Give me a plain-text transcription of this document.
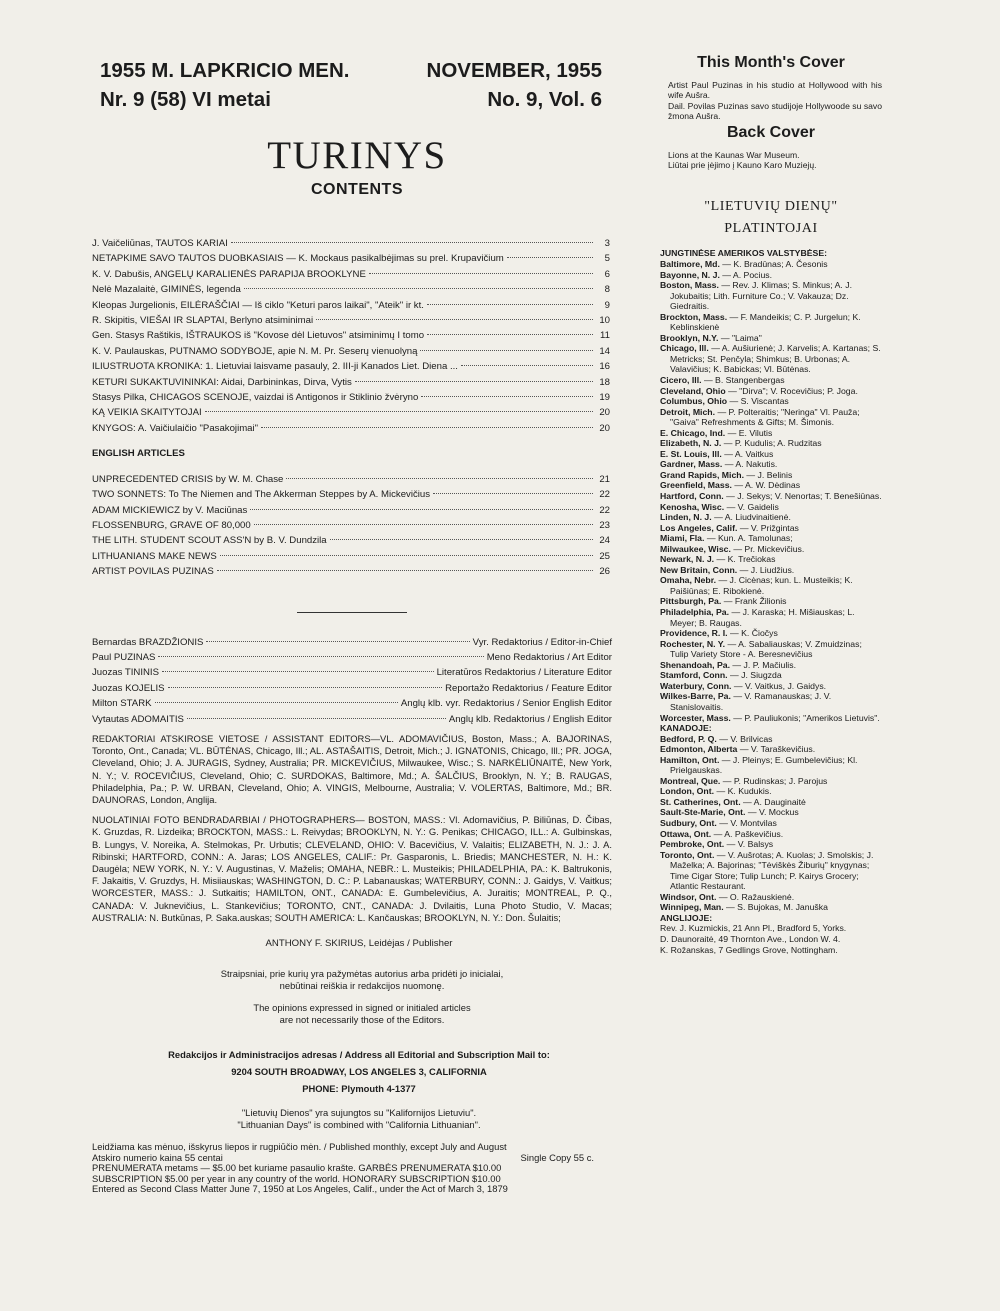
1955 M. LAPKRICIO MEN.
Nr. 9 (58) VI metai
NOVEMBER, 1955
No. 9, Vol. 6
TURINYS
CONTENTS
J. Vaičeliūnas, TAUTOS KARIAI	3
NETAPKIME SAVO TAUTOS DUOBKASIAIS — K. Mockaus pasikalbėjimas su prel. Krupavičium	5
K. V. Dabušis, ANGELŲ KARALIENĖS PARAPIJA BROOKLYNE	6
Nelė Mazalaitė, GIMINĖS, legenda	8
Kleopas Jurgelionis, EILĖRAŠČIAI — Iš ciklo "Keturi paros laikai", "Ateik" ir kt.	9
R. Skipitis, VIEŠAI IR SLAPTAI, Berlyno atsiminimai	10
Gen. Stasys Raštikis, IŠTRAUKOS iš "Kovose dėl Lietuvos" atsiminimų I tomo	11
K. V. Paulauskas, PUTNAMO SODYBOJE, apie N. M. Pr. Seserų vienuolyną	14
ILIUSTRUOTA KRONIKA: 1. Lietuviai laisvame pasauly, 2. III-ji Kanados Liet. Diena ...	16
KETURI SUKAKTUVININKAI: Aidai, Darbininkas, Dirva, Vytis	18
Stasys Pilka, CHICAGOS SCENOJE, vaizdai iš Antigonos ir Stiklinio žvėryno	19
KĄ VEIKIA SKAITYTOJAI	20
KNYGOS: A. Vaičiulaičio "Pasakojimai"	20
ENGLISH ARTICLES
UNPRECEDENTED CRISIS by W. M. Chase	21
TWO SONNETS: To The Niemen and The Akkerman Steppes by A. Mickevičius	22
ADAM MICKIEWICZ by V. Maciūnas	22
FLOSSENBURG, GRAVE OF 80,000	23
THE LITH. STUDENT SCOUT ASS'N by B. V. Dundzila	24
LITHUANIANS MAKE NEWS	25
ARTIST POVILAS PUZINAS	26
Bernardas BRAZDŽIONIS	Vyr. Redaktorius / Editor-in-Chief
Paul PUZINAS	Meno Redaktorius / Art Editor
Juozas TININIS	Literatūros Redaktorius / Literature Editor
Juozas KOJELIS	Reportažo Redaktorius / Feature Editor
Milton STARK	Anglų klb. vyr. Redaktorius / Senior English Editor
Vytautas ADOMAITIS	Anglų klb. Redaktorius / English Editor
REDAKTORIAI ATSKIROSE VIETOSE / ASSISTANT EDITORS—VL. ADOMAVIČIUS, Boston, Mass.; A. BAJORINAS, Toronto, Ont., Canada; VL. BŪTĖNAS, Chicago, Ill.; AL. ASTAŠAITIS, Detroit, Mich.; J. IGNATONIS, Chicago, Ill.; PR. JOGA, Cleveland, Ohio; J. A. JURAGIS, Sydney, Australia; PR. MICKEVIČIUS, Milwaukee, Wisc.; S. NARKĖLIŪNAITĖ, New York, N. Y.; V. ROCEVIČIUS, Cleveland, Ohio; C. SURDOKAS, Baltimore, Md.; A. ŠALČIUS, Brooklyn, N. Y.; B. RAUGAS, Philadelphia, Pa.; P. W. URBAN, Cleveland, Ohio; A. VINGIS, Melbourne, Australia; V. VOLERTAS, Baltimore, Md.; BR. DAUNORAS, London, Anglija.
NUOLATINIAI FOTO BENDRADARBIAI / PHOTOGRAPHERS— BOSTON, MASS.: Vl. Adomavičius, P. Biliūnas, D. Čibas, K. Gruzdas, R. Lizdeika; BROCKTON, MASS.: L. Reivydas; BROOKLYN, N. Y.: G. Penikas; CHICAGO, ILL.: A. Gulbinskas, B. Lungys, V. Noreika, A. Stelmokas, Pr. Urbutis; CLEVELAND, OHIO: V. Bacevičius, V. Valaitis; ELIZABETH, N. J.: J. A. Ribinski; HARTFORD, CONN.: A. Jaras; LOS ANGELES, CALIF.: Pr. Gasparonis, L. Briedis; MANCHESTER, N. H.: K. Daugėla; NEW YORK, N. Y.: V. Augustinas, V. Maželis; OMAHA, NEBR.: L. Musteikis; PHILADELPHIA, PA.: K. Baltrukonis, F. Jakaitis, V. Gruzdys, H. Misiiauskas; WASHINGTON, D. C.: P. Labanauskas; WATERBURY, CONN.: J. Gaidys, V. Vaitkus; WORCESTER, MASS.: J. Sutkaitis; HAMILTON, ONT., CANADA: E. Gumbelevičius, A. Juraitis; MONTREAL, P. Q., CANADA: V. Juknevičius, L. Stankevičius; TORONTO, CNT., CANADA: J. Dvilaitis, Luna Photo Studio, V. Macas; AUSTRALIA: N. Butkūnas, P. Saka.auskas; SOUTH AMERICA: L. Kančauskas; BROOKLYN, N. Y.: Don. Šulaitis;
ANTHONY F. SKIRIUS, Leidėjas / Publisher
Straipsniai, prie kurių yra pažymėtas autorius arba pridėti jo inicialai,
nebūtinai reiškia ir redakcijos nuomonę.
The opinions expressed in signed or initialed articles
are not necessarily those of the Editors.
Redakcijos ir Administracijos adresas / Address all Editorial and Subscription Mail to:
9204 SOUTH BROADWAY, LOS ANGELES 3, CALIFORNIA
PHONE: Plymouth 4-1377
"Lietuvių Dienos" yra sujungtos su "Kalifornijos Lietuviu".
"Lithuanian Days" is combined with "California Lithuanian".
Leidžiama kas mėnuo, išskyrus liepos ir rugpiūčio mėn. / Published monthly, except July and August
Atskiro numerio kaina 55 centai	Single Copy 55 c.
PRENUMERATA metams — $5.00 bet kuriame pasaulio krašte. GARBĖS PRENUMERATA $10.00
SUBSCRIPTION $5.00 per year in any country of the world. HONORARY SUBSCRIPTION $10.00
Entered as Second Class Matter June 7, 1950 at Los Angeles, Calif., under the Act of March 3, 1879
This Month's Cover
Artist Paul Puzinas in his studio at Hollywood with his wife Aušra.
Dail. Povilas Puzinas savo studijoje Hollywoode su savo žmona Aušra.
Back Cover
Lions at the Kaunas War Museum.
Liūtai prie įėjimo į Kauno Karo Muziejų.
"LIETUVIŲ DIENŲ"
PLATINTOJAI
JUNGTINĖSE AMERIKOS VALSTYBĖSE:
Baltimore, Md. — K. Bradūnas; A. Česonis
Bayonne, N. J. — A. Pocius.
Boston, Mass. — Rev. J. Klimas; S. Minkus; A. J. Jokubaitis; Lith. Furniture Co.; V. Vakauza; Dz. Giedraitis.
Brockton, Mass. — F. Mandeikis; C. P. Jurgelun; K. Keblinskienė
Brooklyn, N.Y. — "Laima"
Chicago, Ill. — A. Aušiurienė; J. Karvelis; A. Kartanas; S. Metricks; St. Penčyla; Shimkus; B. Urbonas; A. Valavičius; K. Babickas; Vl. Būtėnas.
Cicero, Ill. — B. Stangenbergas
Cleveland, Ohio — "Dirva"; V. Rocevičius; P. Joga.
Columbus, Ohio — S. Viscantas
Detroit, Mich. — P. Polteraitis; "Neringa" Vl. Pauža; "Gaiva" Refreshments & Gifts; M. Šimonis.
E. Chicago, Ind. — E. Vilutis
Elizabeth, N. J. — P. Kudulis; A. Rudzitas
E. St. Louis, Ill. — A. Vaitkus
Gardner, Mass. — A. Nakutis.
Grand Rapids, Mich. — J. Belinis
Greenfield, Mass. — A. W. Dėdinas
Hartford, Conn. — J. Sekys; V. Nenortas; T. Benešiūnas.
Kenosha, Wisc. — V. Gaidelis
Linden, N. J. — A. Liudvinaitienė.
Los Angeles, Calif. — V. Prižgintas
Miami, Fla. — Kun. A. Tamolunas;
Milwaukee, Wisc. — Pr. Mickevičius.
Newark, N. J. — K. Trečiokas
New Britain, Conn. — J. Liudžius.
Omaha, Nebr. — J. Cicėnas; kun. L. Musteikis; K. Paišiūnas; E. Ribokienė.
Pittsburgh, Pa. — Frank Žilionis
Philadelphia, Pa. — J. Karaska; H. Mišiauskas; L. Meyer; B. Raugas.
Providence, R. I. — K. Čiočys
Rochester, N. Y. — A. Sabaliauskas; V. Zmuidzinas; Tulip Variety Store - A. Beresnevičius
Shenandoah, Pa. — J. P. Mačiulis.
Stamford, Conn. — J. Siugzda
Waterbury, Conn. — V. Vaitkus, J. Gaidys.
Wilkes-Barre, Pa. — V. Ramanauskas; J. V. Stanislovaitis.
Worcester, Mass. — P. Pauliukonis; "Amerikos Lietuvis".
KANADOJE:
Bedford, P. Q. — V. Brilvicas
Edmonton, Alberta — V. Taraškevičius.
Hamilton, Ont. — J. Pleinys; E. Gumbelevičius; Kl. Prielgauskas.
Montreal, Que. — P. Rudinskas; J. Parojus
London, Ont. — K. Kudukis.
St. Catherines, Ont. — A. Dauginaitė
Sault-Ste-Marie, Ont. — V. Mockus
Sudbury, Ont. — V. Montvilas
Ottawa, Ont. — A. Paškevičius.
Pembroke, Ont. — V. Balsys
Toronto, Ont. — V. Aušrotas; A. Kuolas; J. Smolskis; J. Maželka; A. Bajorinas; "Tėviškės Žiburių" knygynas; Time Cigar Store; Tulip Lunch; P. Kairys Grocery; Atlantic Restaurant.
Windsor, Ont. — O. Ražauskienė.
Winnipeg, Man. — S. Bujokas, M. Januška
ANGLIJOJE:
Rev. J. Kuzmickis, 21 Ann Pl., Bradford 5, Yorks.
D. Daunoraitė, 49 Thornton Ave., London W. 4.
K. Rožanskas, 7 Gedlings Grove, Nottingham.
